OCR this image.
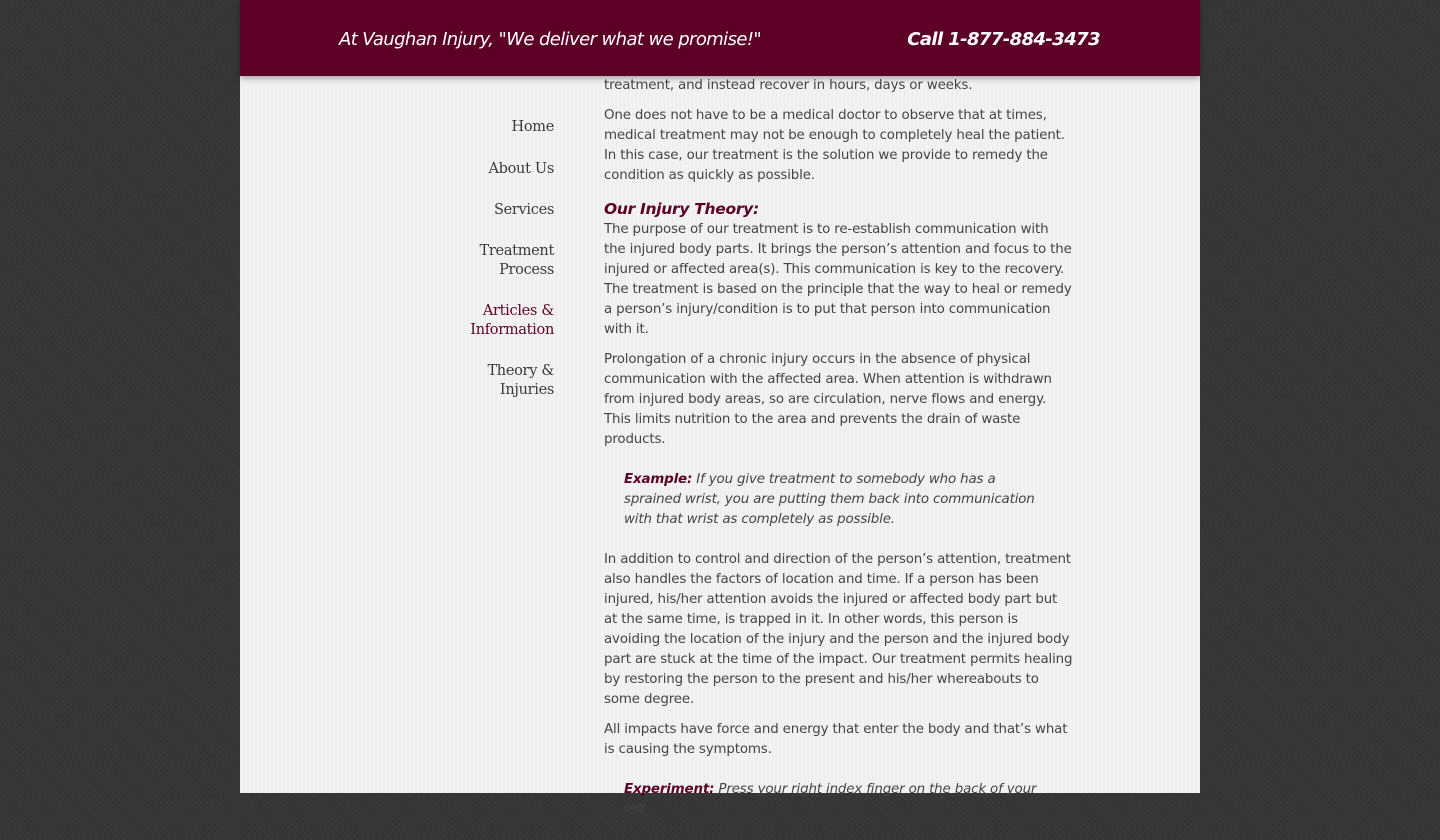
At Vaughan Injury, "We deliver what we promise!"	Call 1-877-884-3473
Home
About Us
Services
Treatment
Process
Articles &
Information
Theory &
Injuries

treatment, and instead recover in hours, days or weeks.

One does not have to be a medical doctor to observe that at times, medical treatment may not be enough to completely heal the patient. In this case, our treatment is the solution we provide to remedy the condition as quickly as possible.

Our Injury Theory:

The purpose of our treatment is to re-establish communication with the injured body parts. It brings the person’s attention and focus to the injured or affected area(s). This communication is key to the recovery. The treatment is based on the principle that the way to heal or remedy a person’s injury/condition is to put that person into communication with it.

Prolongation of a chronic injury occurs in the absence of physical communication with the affected area. When attention is withdrawn from injured body areas, so are circulation, nerve flows and energy. This limits nutrition to the area and prevents the drain of waste products.

Example: If you give treatment to somebody who has a sprained wrist, you are putting them back into communication with that wrist as completely as possible.

In addition to control and direction of the person’s attention, treatment also handles the factors of location and time. If a person has been injured, his/her attention avoids the injured or affected body part but at the same time, is trapped in it. In other words, this person is avoiding the location of the injury and the person and the injured body part are stuck at the time of the impact. Our treatment permits healing by restoring the person to the present and his/her whereabouts to some degree.

All impacts have force and energy that enter the body and that’s what is causing the symptoms.

Experiment: Press your right index finger on the back of your left
